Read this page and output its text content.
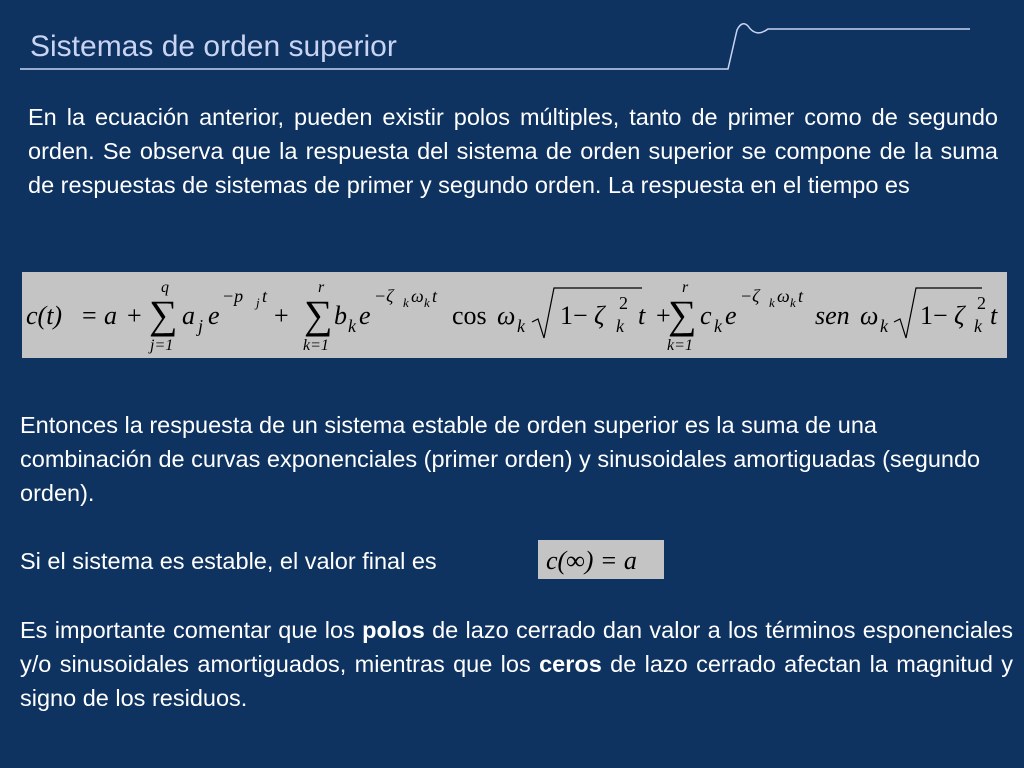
Sistemas de orden superior

En la ecuación anterior, pueden existir polos múltiples, tanto de primer como de segundo orden. Se observa que la respuesta del sistema de orden superior se compone de la suma de respuestas de sistemas de primer y segundo orden. La respuesta en el tiempo es

c(t) = a +
q
∑
j=1
a j e
−p j t
+
r
∑
k=1
b k e
−ζ k ω k t
cos ω k 1− ζ 2
k t +
r
∑
k=1
c k e
−ζ k ω k t
sen ω k 1− ζ 2
k t

Entonces la respuesta de un sistema estable de orden superior es la suma de una combinación de curvas exponenciales (primer orden) y sinusoidales amortiguadas (segundo orden).

Si el sistema es estable, el valor final es	c(∞) = a

Es importante comentar que los polos de lazo cerrado dan valor a los términos esponenciales y/o sinusoidales amortiguados, mientras que los ceros de lazo cerrado afectan la magnitud y signo de los residuos.
